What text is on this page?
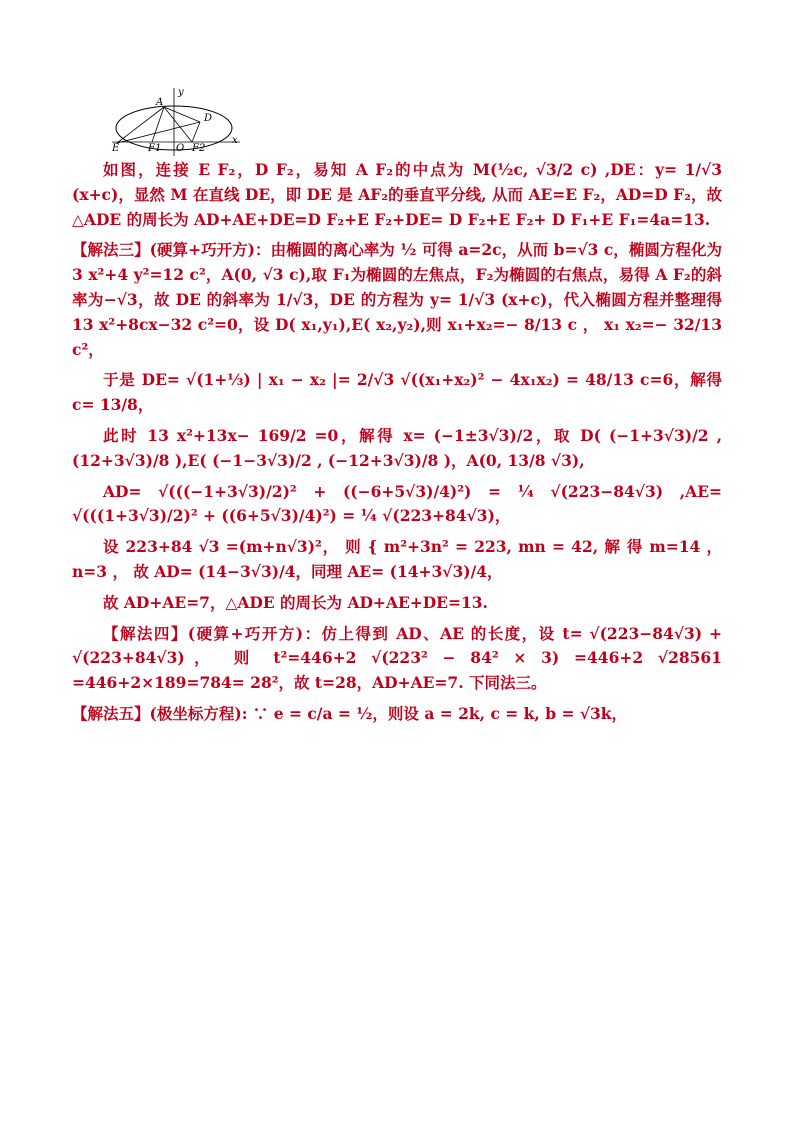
A
y
D
E	F1 O F2
x

如图，连接 E F₂，D F₂，易知 A F₂的中点为 M(½c, √3/2 c) ,DE：y= 1/√3 (x+c)，显然 M 在直线 DE，即 DE 是 AF₂的垂直平分线, 从而 AE=E F₂，AD=D F₂，故△ADE 的周长为 AD+AE+DE=D F₂+E F₂+DE= D F₂+E F₂+ D F₁+E F₁=4a=13.

【解法三】(硬算+巧开方)：由椭圆的离心率为 ½ 可得 a=2c，从而 b=√3 c，椭圆方程化为 3 x²+4 y²=12 c²，A(0, √3 c),取 F₁为椭圆的左焦点，F₂为椭圆的右焦点，易得 A F₂的斜率为−√3，故 DE 的斜率为 1/√3，DE 的方程为 y= 1/√3 (x+c)，代入椭圆方程并整理得 13 x²+8cx−32 c²=0，设 D( x₁,y₁),E( x₂,y₂),则 x₁+x₂=− 8/13 c ， x₁ x₂=− 32/13 c²，

于是 DE= √(1+⅓) | x₁ − x₂ |= 2/√3 √((x₁+x₂)² − 4x₁x₂) = 48/13 c=6，解得 c= 13/8，

此时 13 x²+13x− 169/2 =0，解得 x= (−1±3√3)/2，取 D( (−1+3√3)/2 , (12+3√3)/8 ),E( (−1−3√3)/2 , (−12+3√3)/8 )，A(0, 13/8 √3),

AD= √(((−1+3√3)/2)² + ((−6+5√3)/4)²) = ¼ √(223−84√3) ,AE= √(((1+3√3)/2)² + ((6+5√3)/4)²) = ¼ √(223+84√3)，

设 223+84 √3 =(m+n√3)²， 则 { m²+3n² = 223, mn = 42, 解 得 m=14 ， n=3 ， 故 AD= (14−3√3)/4，同理 AE= (14+3√3)/4，

故 AD+AE=7，△ADE 的周长为 AD+AE+DE=13.

【解法四】(硬算+巧开方)：仿上得到 AD、AE 的长度，设 t= √(223−84√3) + √(223+84√3)， 则 t²=446+2 √(223² − 84² × 3) =446+2 √28561 =446+2×189=784= 28²，故 t=28，AD+AE=7. 下同法三。

【解法五】(极坐标方程): ∵ e = c/a = ½，则设 a = 2k, c = k, b = √3k，
